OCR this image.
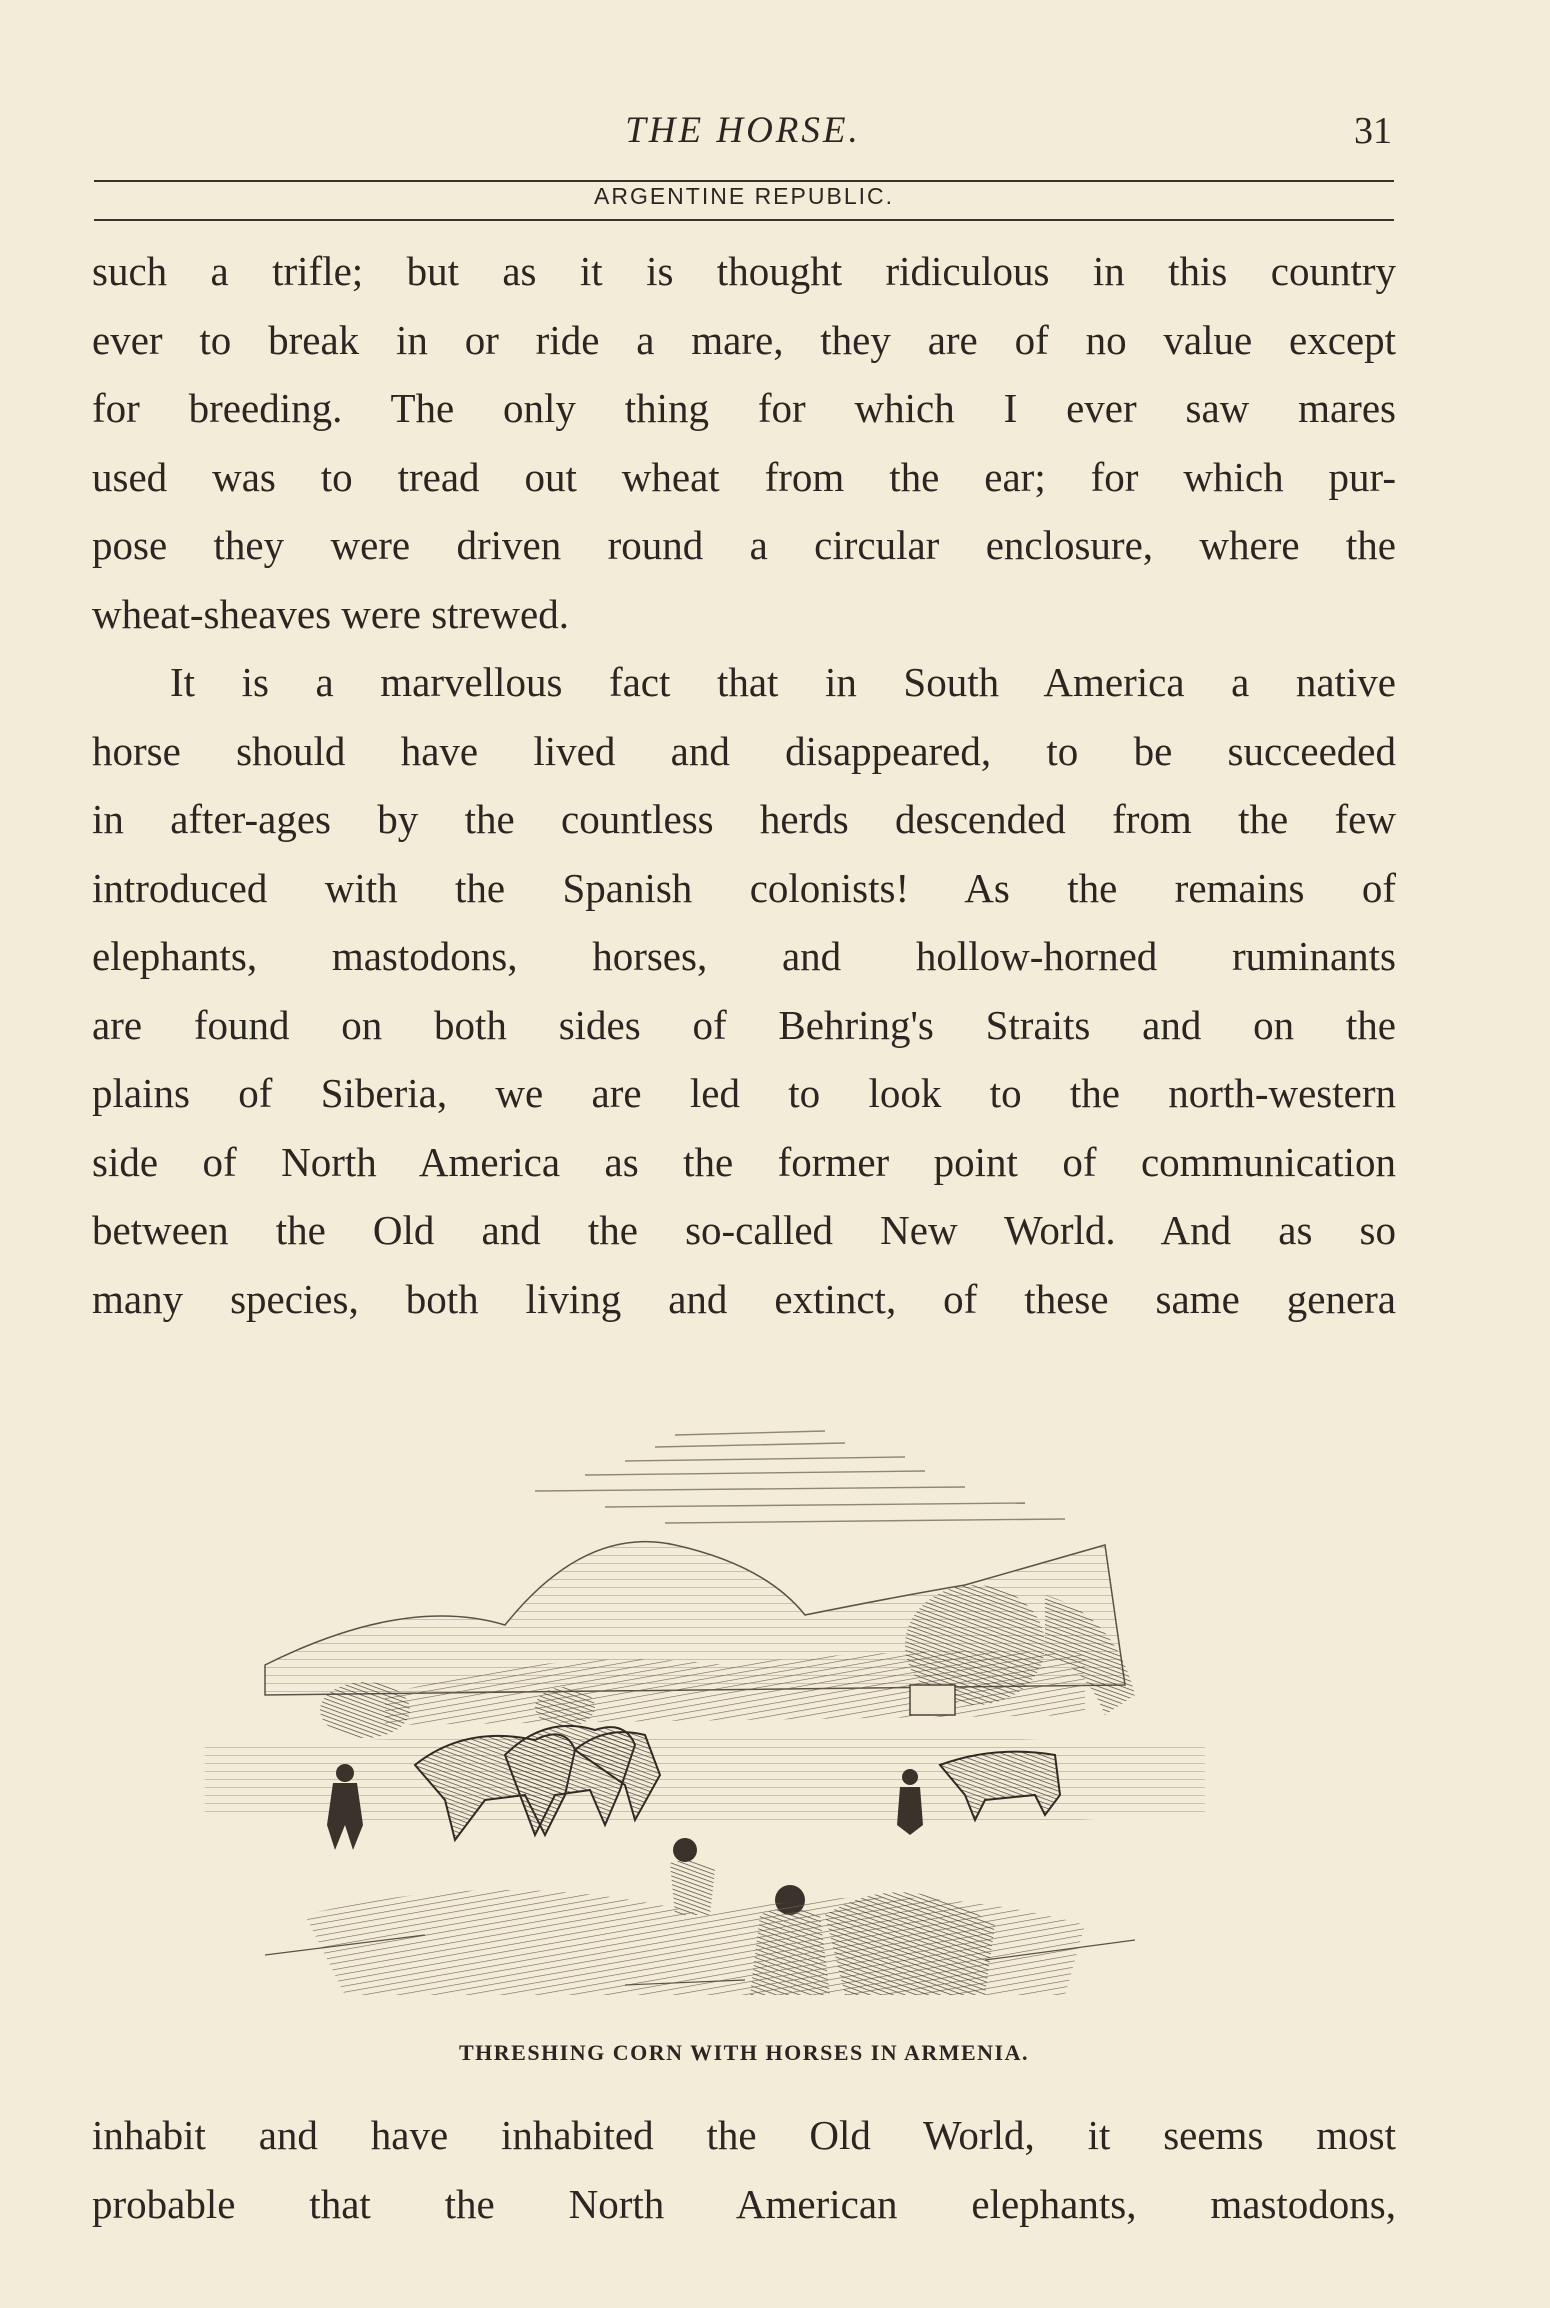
THE HORSE.	31
ARGENTINE REPUBLIC.
such a trifle; but as it is thought ridiculous in this country
ever to break in or ride a mare, they are of no value except
for breeding. The only thing for which I ever saw mares
used was to tread out wheat from the ear; for which pur-
pose they were driven round a circular enclosure, where the
wheat-sheaves were strewed.
It is a marvellous fact that in South America a native
horse should have lived and disappeared, to be succeeded
in after-ages by the countless herds descended from the few
introduced with the Spanish colonists! As the remains of
elephants, mastodons, horses, and hollow-horned ruminants
are found on both sides of Behring's Straits and on the
plains of Siberia, we are led to look to the north-western
side of North America as the former point of communication
between the Old and the so-called New World. And as so
many species, both living and extinct, of these same genera
THRESHING CORN WITH HORSES IN ARMENIA.
inhabit and have inhabited the Old World, it seems most
probable that the North American elephants, mastodons,
